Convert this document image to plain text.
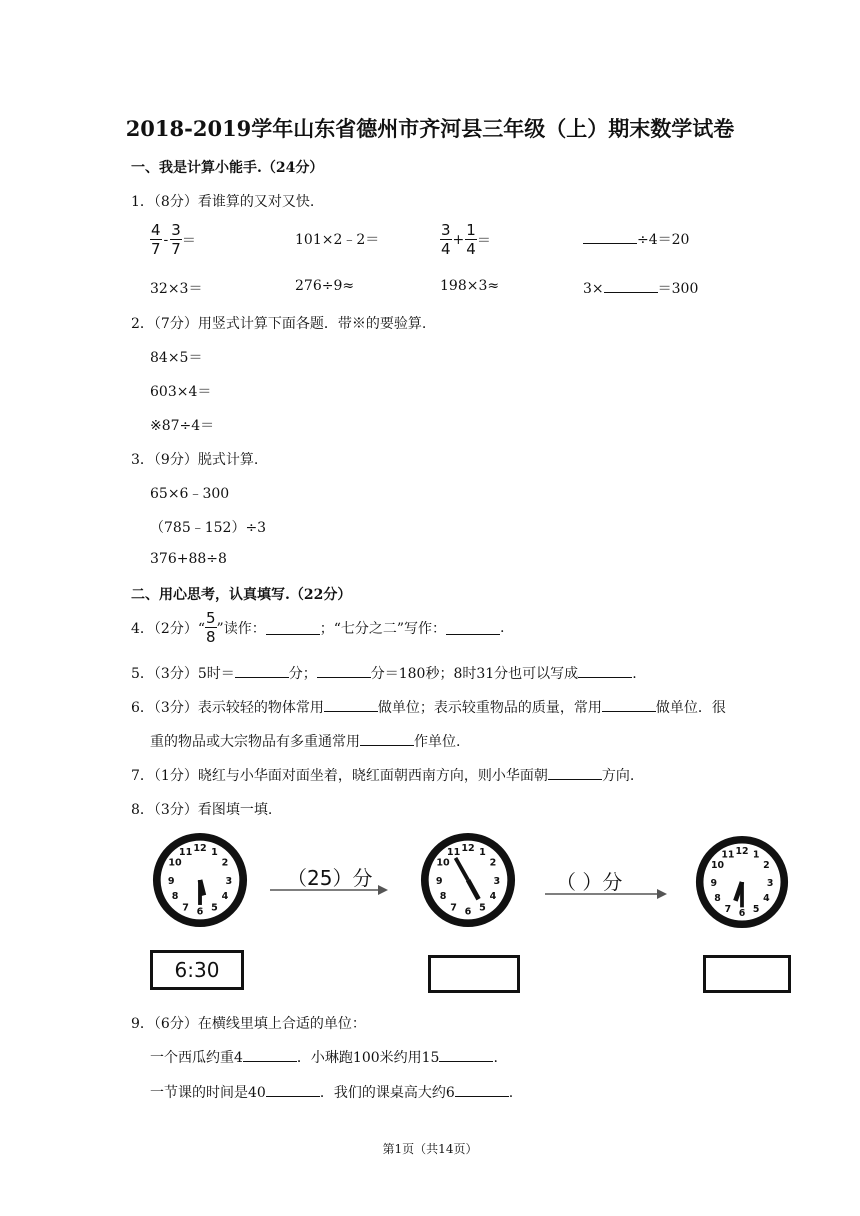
2018-2019学年山东省德州市齐河县三年级（上）期末数学试卷
一、我是计算小能手.（24分）
1．（8分）看谁算的又对又快.
$\frac{4}{7} - \frac{3}{7}$ ＝	101×2﹣2＝	$\frac{3}{4} + \frac{1}{4}$ ＝	÷4＝20
32×3＝	276÷9≈	198×3≈	3×	＝300
2．（7分）用竖式计算下面各题．带※的要验算.
84×5＝
603×4＝
※87÷4＝
3．（9分）脱式计算.
65×6﹣300
（785﹣152）÷3
376+88÷8
二、用心思考，认真填写.（22分）
4．（2分）“ $\frac{5}{8}$ ”读作：	；“七分之二”写作：	.
5．（3分）5时＝	分；	分＝180秒；8时31分也可以写成	.
6．（3分）表示较轻的物体常用	做单位；表示较重物品的质量，常用	做单位．很
重的物品或大宗物品有多重通常用	作单位.
7．（1分）晓红与小华面对面坐着，晓红面朝西南方向，则小华面朝	方向.
8．（3分）看图填一填.
12 1
2
3
4
5
6
7
8
9
10
11
（25）分
12 1
2
3
4
5
6
7
8
9
10
11
（ ）分
12 1
2
3
4
5
6
7
8
9
10
11
6:30
9．（6分）在横线里填上合适的单位：
一个西瓜约重4	．小琳跑100米约用15	.
一节课的时间是40	．我们的课桌高大约6	.
第1页（共14页）
